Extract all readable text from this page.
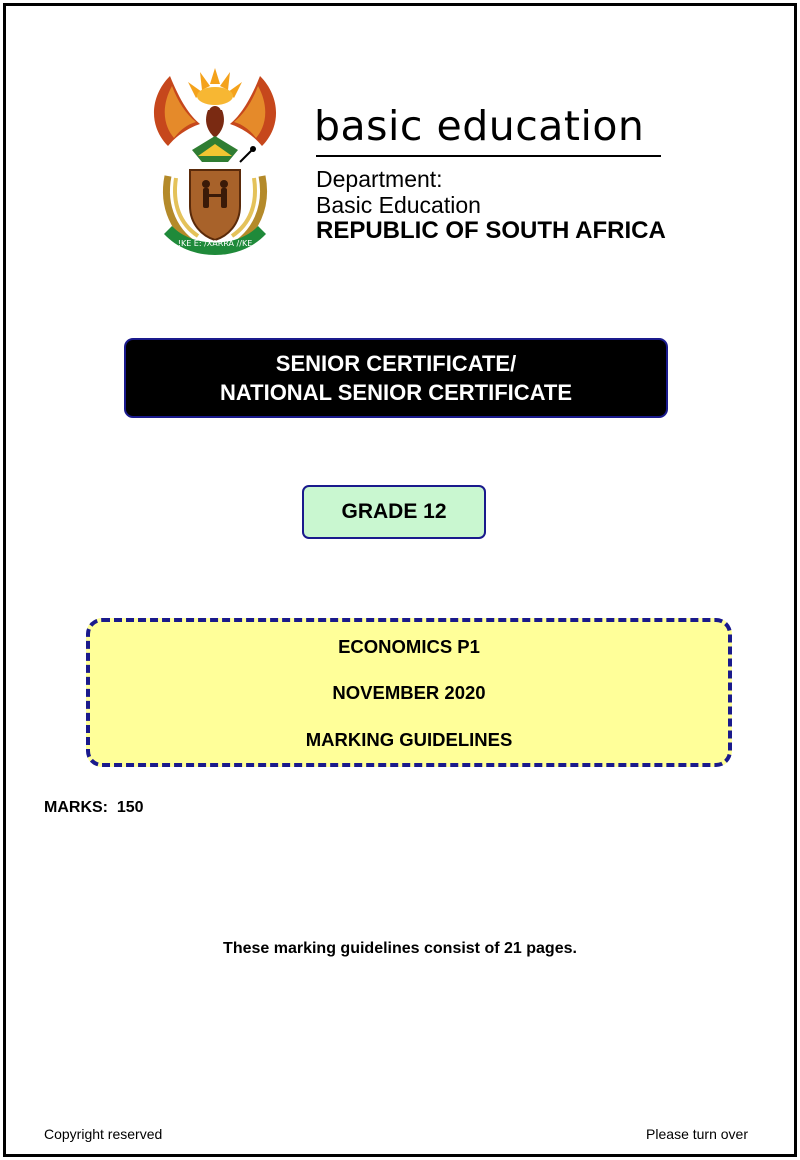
!KE E: /XARRA //KE
basic education
Department:
Basic Education
REPUBLIC OF SOUTH AFRICA
SENIOR CERTIFICATE/
NATIONAL SENIOR CERTIFICATE
GRADE 12
ECONOMICS P1
NOVEMBER 2020
MARKING GUIDELINES
MARKS:  150
These marking guidelines consist of 21 pages.
Copyright reserved	Please turn over
